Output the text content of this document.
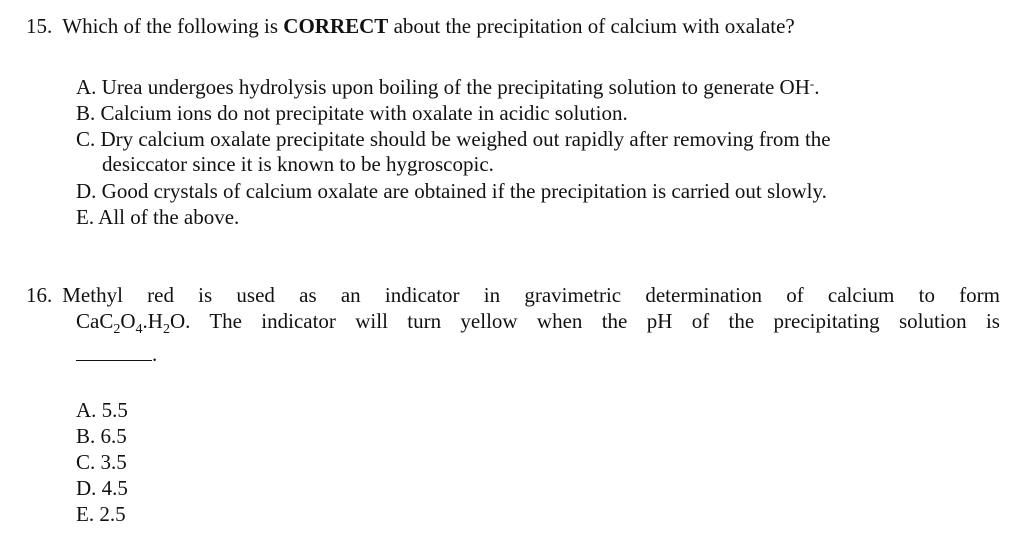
15. Which of the following is CORRECT about the precipitation of calcium with oxalate?
A. Urea undergoes hydrolysis upon boiling of the precipitating solution to generate OH-.
B. Calcium ions do not precipitate with oxalate in acidic solution.
C. Dry calcium oxalate precipitate should be weighed out rapidly after removing from the
desiccator since it is known to be hygroscopic.
D. Good crystals of calcium oxalate are obtained if the precipitation is carried out slowly.
E. All of the above.
16. Methyl red is used as an indicator in gravimetric determination of calcium to form
$CaC_2O_4.H_2O$. The indicator will turn yellow when the pH of the precipitating solution is
.
A. 5.5
B. 6.5
C. 3.5
D. 4.5
E. 2.5
